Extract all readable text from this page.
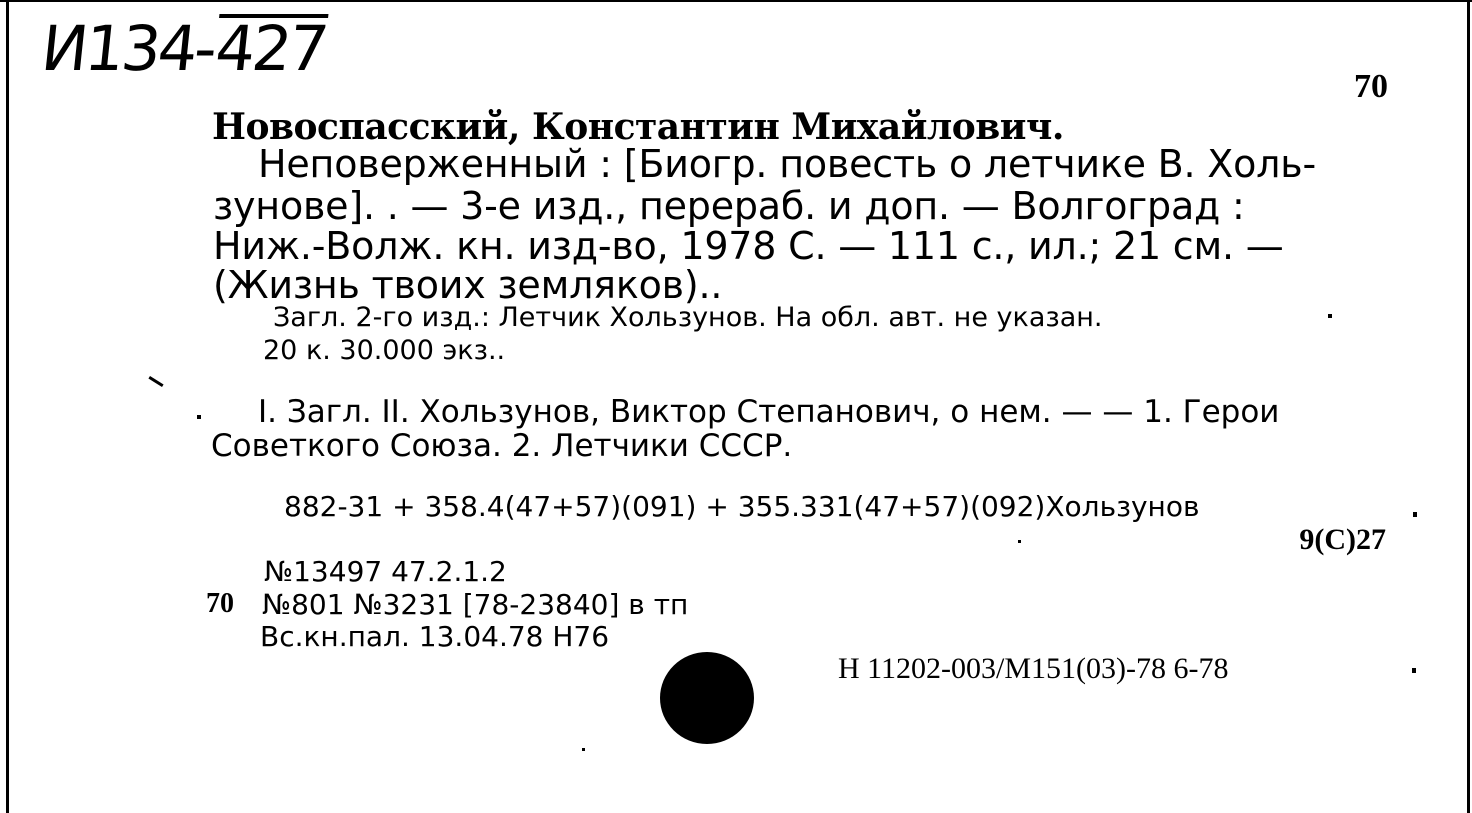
И134-427
70
Новоспасский, Константин Михайлович.
Неповерженный : [Биогр. повесть о летчике В. Холь-
зунове]. . — 3-е изд., перераб. и доп. — Волгоград :
Ниж.-Волж. кн. изд-во, 1978 С. — 111 с., ил.; 21 см. —
(Жизнь твоих земляков)..
Загл. 2-го изд.: Летчик Хользунов. На обл. авт. не указан.
20 к. 30.000 экз..
I. Загл. II. Хользунов, Виктор Степанович, о нем. — — 1. Герои
Советкого Союза. 2. Летчики СССР.
882-31 + 358.4(47+57)(091) + 355.331(47+57)(092)Хользунов
9(С)27
№13497 47.2.1.2
70 №801 №3231 [78-23840] в тп
Вс.кн.пал. 13.04.78 Н76
Н 11202-003/М151(03)-78 6-78
